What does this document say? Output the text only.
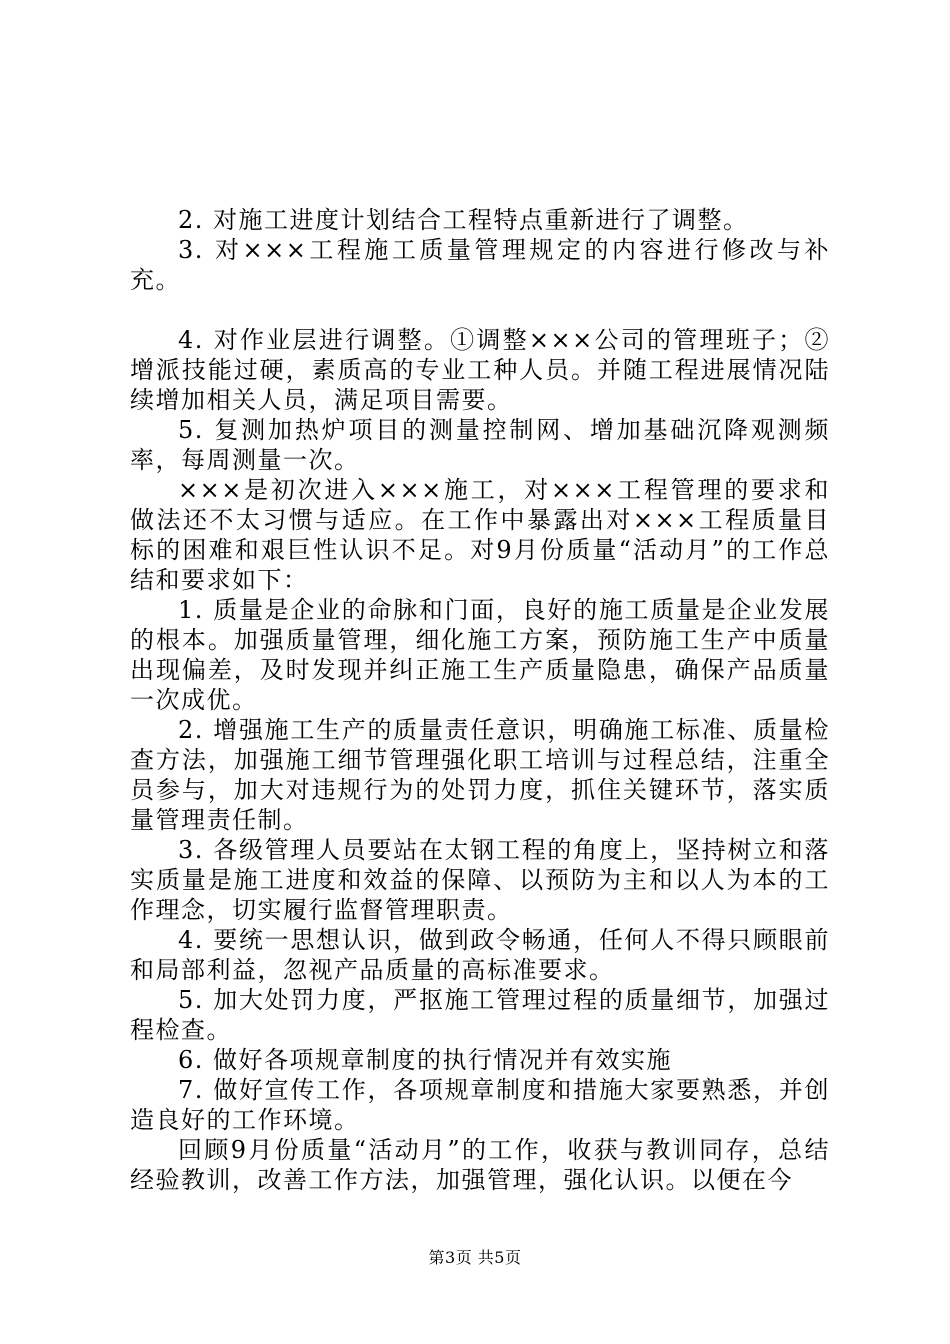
2. 对施工进度计划结合工程特点重新进行了调整。

3. 对×××工程施工质量管理规定的内容进行修改与补充。

4. 对作业层进行调整。①调整×××公司的管理班子；②增派技能过硬，素质高的专业工种人员。并随工程进展情况陆续增加相关人员，满足项目需要。

5. 复测加热炉项目的测量控制网、增加基础沉降观测频率，每周测量一次。

×××是初次进入×××施工，对×××工程管理的要求和做法还不太习惯与适应。在工作中暴露出对×××工程质量目标的困难和艰巨性认识不足。对9月份质量“活动月”的工作总结和要求如下：

1. 质量是企业的命脉和门面，良好的施工质量是企业发展的根本。加强质量管理，细化施工方案，预防施工生产中质量出现偏差，及时发现并纠正施工生产质量隐患，确保产品质量一次成优。

2. 增强施工生产的质量责任意识，明确施工标准、质量检查方法，加强施工细节管理强化职工培训与过程总结，注重全员参与，加大对违规行为的处罚力度，抓住关键环节，落实质量管理责任制。

3. 各级管理人员要站在太钢工程的角度上，坚持树立和落实质量是施工进度和效益的保障、以预防为主和以人为本的工作理念，切实履行监督管理职责。

4. 要统一思想认识，做到政令畅通，任何人不得只顾眼前和局部利益，忽视产品质量的高标准要求。

5. 加大处罚力度，严抠施工管理过程的质量细节，加强过程检查。

6. 做好各项规章制度的执行情况并有效实施

7. 做好宣传工作，各项规章制度和措施大家要熟悉，并创造良好的工作环境。

回顾9月份质量“活动月”的工作，收获与教训同存，总结经验教训，改善工作方法，加强管理，强化认识。以便在今

第3页 共5页
